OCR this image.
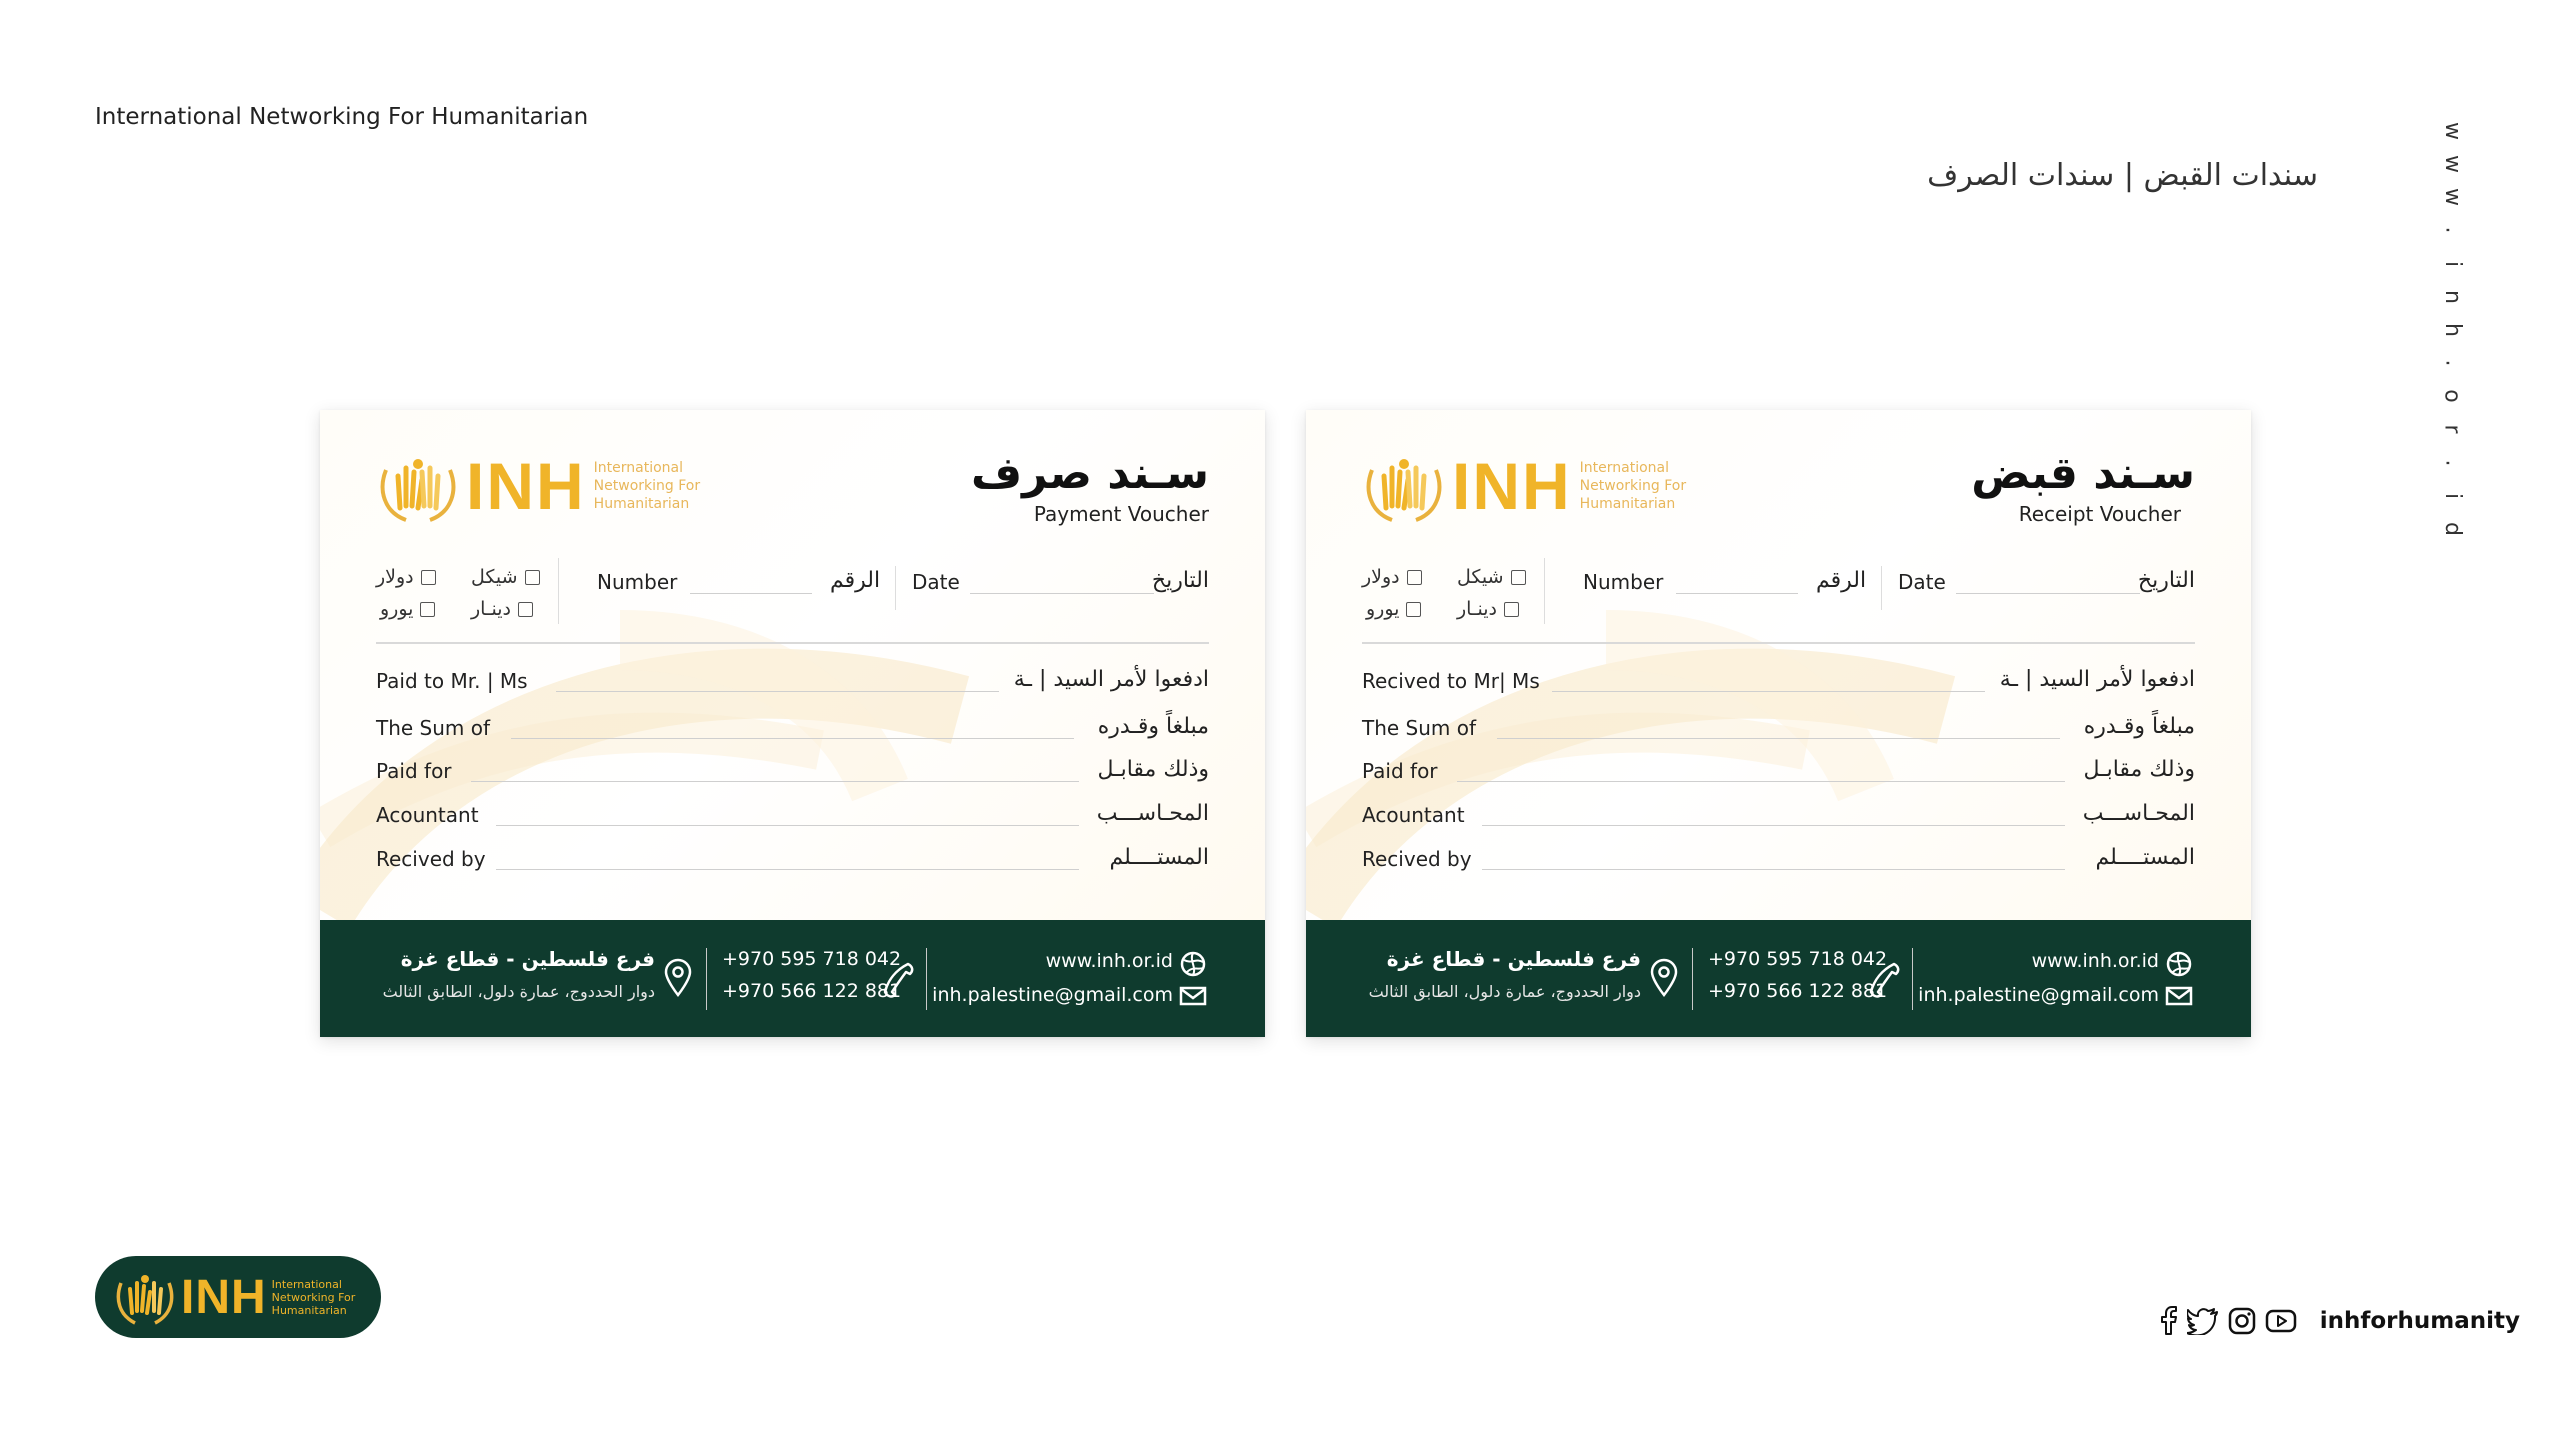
International Networking For Humanitarian
سندات القبض | سندات الصرف
w
w
w
.
i
n
h
.
o
r
.
i
d
INH International
Networking For
Humanitarian
سـند صرف
Payment Voucher
شيكل
دولار
دينـار
يورو
Number	الرقم Date	التاريخ
Paid to Mr. | Ms	ادفعوا لأمر السيد | ـة
The Sum of	مبلغاً وقـدره
Paid for	وذلك مقابـل
Acountant	المحـاســـب
Recived by	المستــــلم
فرع فلسطين - قطاع غزة
دوار الحددوج، عمارة دلول، الطابق الثالث
+970 595 718 042
+970 566 122 881
www.inh.or.id
inh.palestine@gmail.com
INH International
Networking For
Humanitarian
سـند قبض
Receipt Voucher
شيكل
دولار
دينـار
يورو
Number	الرقم Date	التاريخ
Recived to Mr| Ms	ادفعوا لأمر السيد | ـة
The Sum of	مبلغاً وقـدره
Paid for	وذلك مقابـل
Acountant	المحـاســـب
Recived by	المستــــلم
فرع فلسطين - قطاع غزة
دوار الحددوج، عمارة دلول، الطابق الثالث
+970 595 718 042
+970 566 122 881
www.inh.or.id
inh.palestine@gmail.com
INH International
Networking For
Humanitarian	inhforhumanity
